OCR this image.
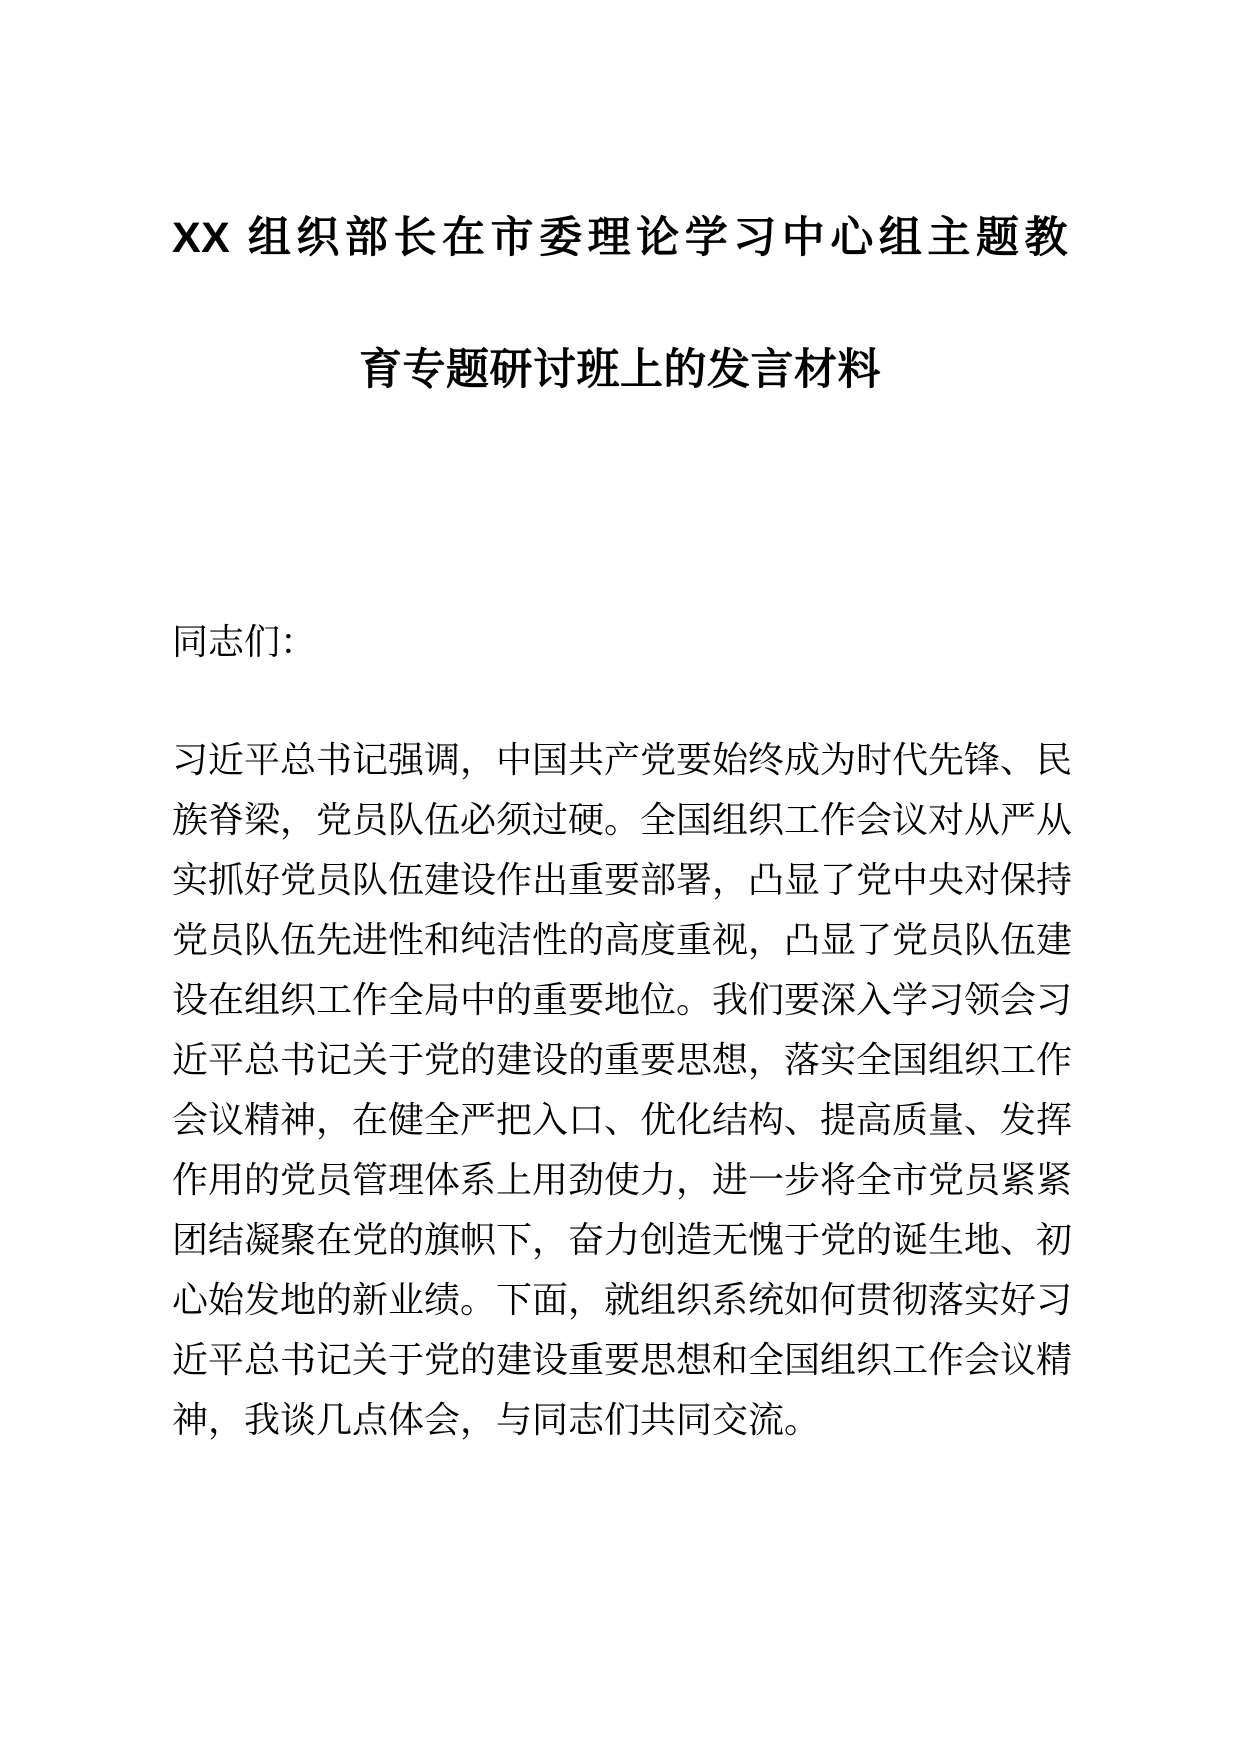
XX 组织部长在市委理论学习中心组主题教
育专题研讨班上的发言材料
同志们：
习近平总书记强调，中国共产党要始终成为时代先锋、民
族脊梁，党员队伍必须过硬。全国组织工作会议对从严从
实抓好党员队伍建设作出重要部署，凸显了党中央对保持
党员队伍先进性和纯洁性的高度重视，凸显了党员队伍建
设在组织工作全局中的重要地位。我们要深入学习领会习
近平总书记关于党的建设的重要思想，落实全国组织工作
会议精神，在健全严把入口、优化结构、提高质量、发挥
作用的党员管理体系上用劲使力，进一步将全市党员紧紧
团结凝聚在党的旗帜下，奋力创造无愧于党的诞生地、初
心始发地的新业绩。下面，就组织系统如何贯彻落实好习
近平总书记关于党的建设重要思想和全国组织工作会议精
神，我谈几点体会，与同志们共同交流。
